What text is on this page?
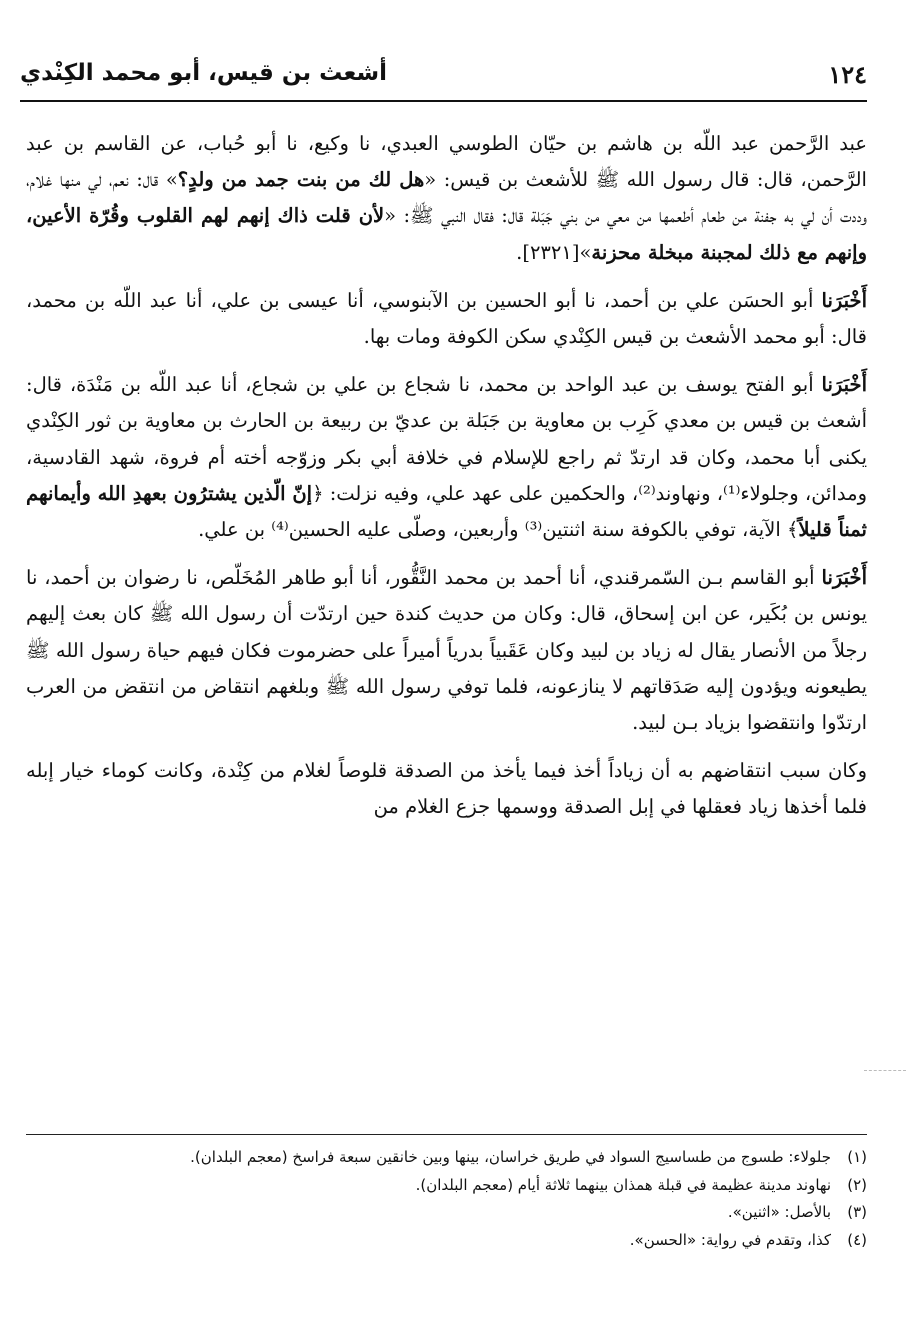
١٢٤
أشعث بن قيس، أبو محمد الكِنْدي

عبد الرَّحمن عبد اللّه بن هاشم بن حيّان الطوسي العبدي، نا وكيع، نا أبو حُباب، عن القاسم بن عبد الرَّحمن، قال: قال رسول الله ﷺ للأشعث بن قيس: «هل لك من بنت جمد من ولدٍ؟» قال: نعم، لي منها غلام، وددت أن لي به جفنة من طعام أطعمها من معي من بني جَبَلة قال: فقال النبي ﷺ: «لأن قلت ذاك إنهم لهم القلوب وقُرّة الأعين، وإنهم مع ذلك لمجبنة مبخلة محزنة»[٢٣٢١].

أَخْبَرَنا أبو الحسَن علي بن أحمد، نا أبو الحسين بن الآبنوسي، أنا عيسى بن علي، أنا عبد اللّه بن محمد، قال: أبو محمد الأشعث بن قيس الكِنْدي سكن الكوفة ومات بها.

أَخْبَرَنا أبو الفتح يوسف بن عبد الواحد بن محمد، نا شجاع بن علي بن شجاع، أنا عبد اللّه بن مَنْدَة، قال: أشعث بن قيس بن معدي كَرِب بن معاوية بن جَبَلة بن عديّ بن ربيعة بن الحارث بن معاوية بن ثور الكِنْدي يكنى أبا محمد، وكان قد ارتدّ ثم راجع للإسلام في خلافة أبي بكر وزوّجه أخته أم فروة، شهد القادسية، ومدائن، وجلولاء⁽¹⁾، ونهاوند⁽²⁾، والحكمين على عهد علي، وفيه نزلت: ﴿إنّ الّذين يشترُون بعهدِ الله وأيمانهم ثمناً قليلاً﴾ الآية، توفي بالكوفة سنة اثنتين⁽³⁾ وأربعين، وصلّى عليه الحسين⁽⁴⁾ بن علي.

أَخْبَرَنا أبو القاسم بـن السّمرقندي، أنا أحمد بن محمد النَّقُّور، أنا أبو طاهر المُخَلّص، نا رضوان بن أحمد، نا يونس بن بُكَير، عن ابن إسحاق، قال: وكان من حديث كندة حين ارتدّت أن رسول الله ﷺ كان بعث إليهم رجلاً من الأنصار يقال له زياد بن لبيد وكان عَقَبياً بدرياً أميراً على حضرموت فكان فيهم حياة رسول الله ﷺ يطيعونه ويؤدون إليه صَدَقاتهم لا ينازعونه، فلما توفي رسول الله ﷺ وبلغهم انتقاض من انتقض من العرب ارتدّوا وانتقضوا بزياد بـن لبيد.

وكان سبب انتقاضهم به أن زياداً أخذ فيما يأخذ من الصدقة قلوصاً لغلام من كِنْدة، وكانت كوماء خيار إبله فلما أخذها زياد فعقلها في إبل الصدقة ووسمها جزع الغلام من

(١)جلولاء: طسوج من طساسيج السواد في طريق خراسان، بينها وبين خانقين سبعة فراسخ (معجم البلدان).
(٢)نهاوند مدينة عظيمة في قبلة همذان بينهما ثلاثة أيام (معجم البلدان).
(٣)بالأصل: «اثنين».
(٤)كذا، وتقدم في رواية: «الحسن».
